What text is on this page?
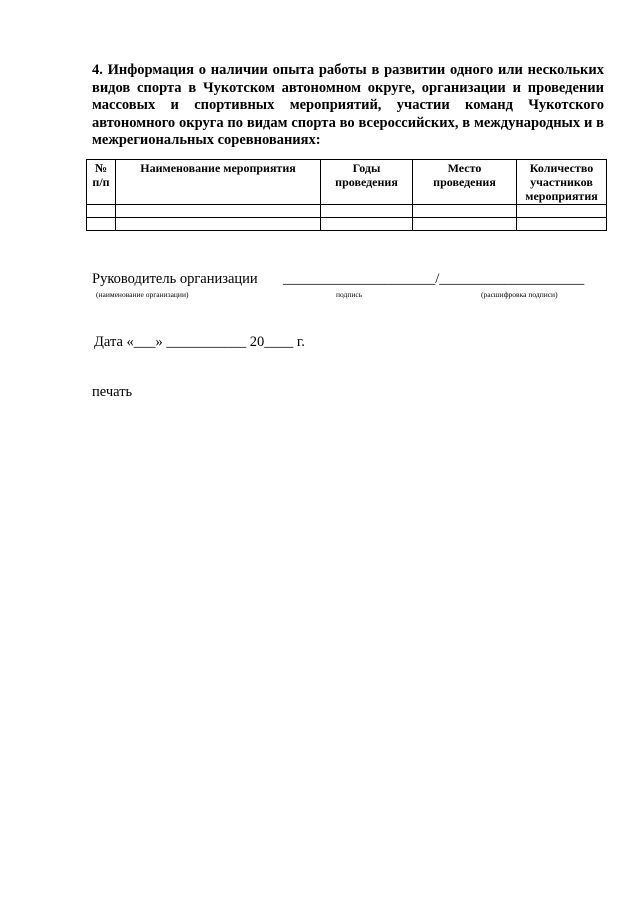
4. Информация о наличии опыта работы в развитии одного или нескольких видов спорта в Чукотском автономном округе, организации и проведении массовых и спортивных мероприятий, участии команд Чукотского автономного округа по видам спорта во всероссийских, в международных и в межрегиональных соревнованиях:
№ п/п	Наименование мероприятия	Годы проведения	Место проведения	Количество участников мероприятия

Руководитель организации _____________________/____________________
(наименование организации)	подпись	(расшифровка подписи)
Дата «___» ___________ 20____ г.
печать
